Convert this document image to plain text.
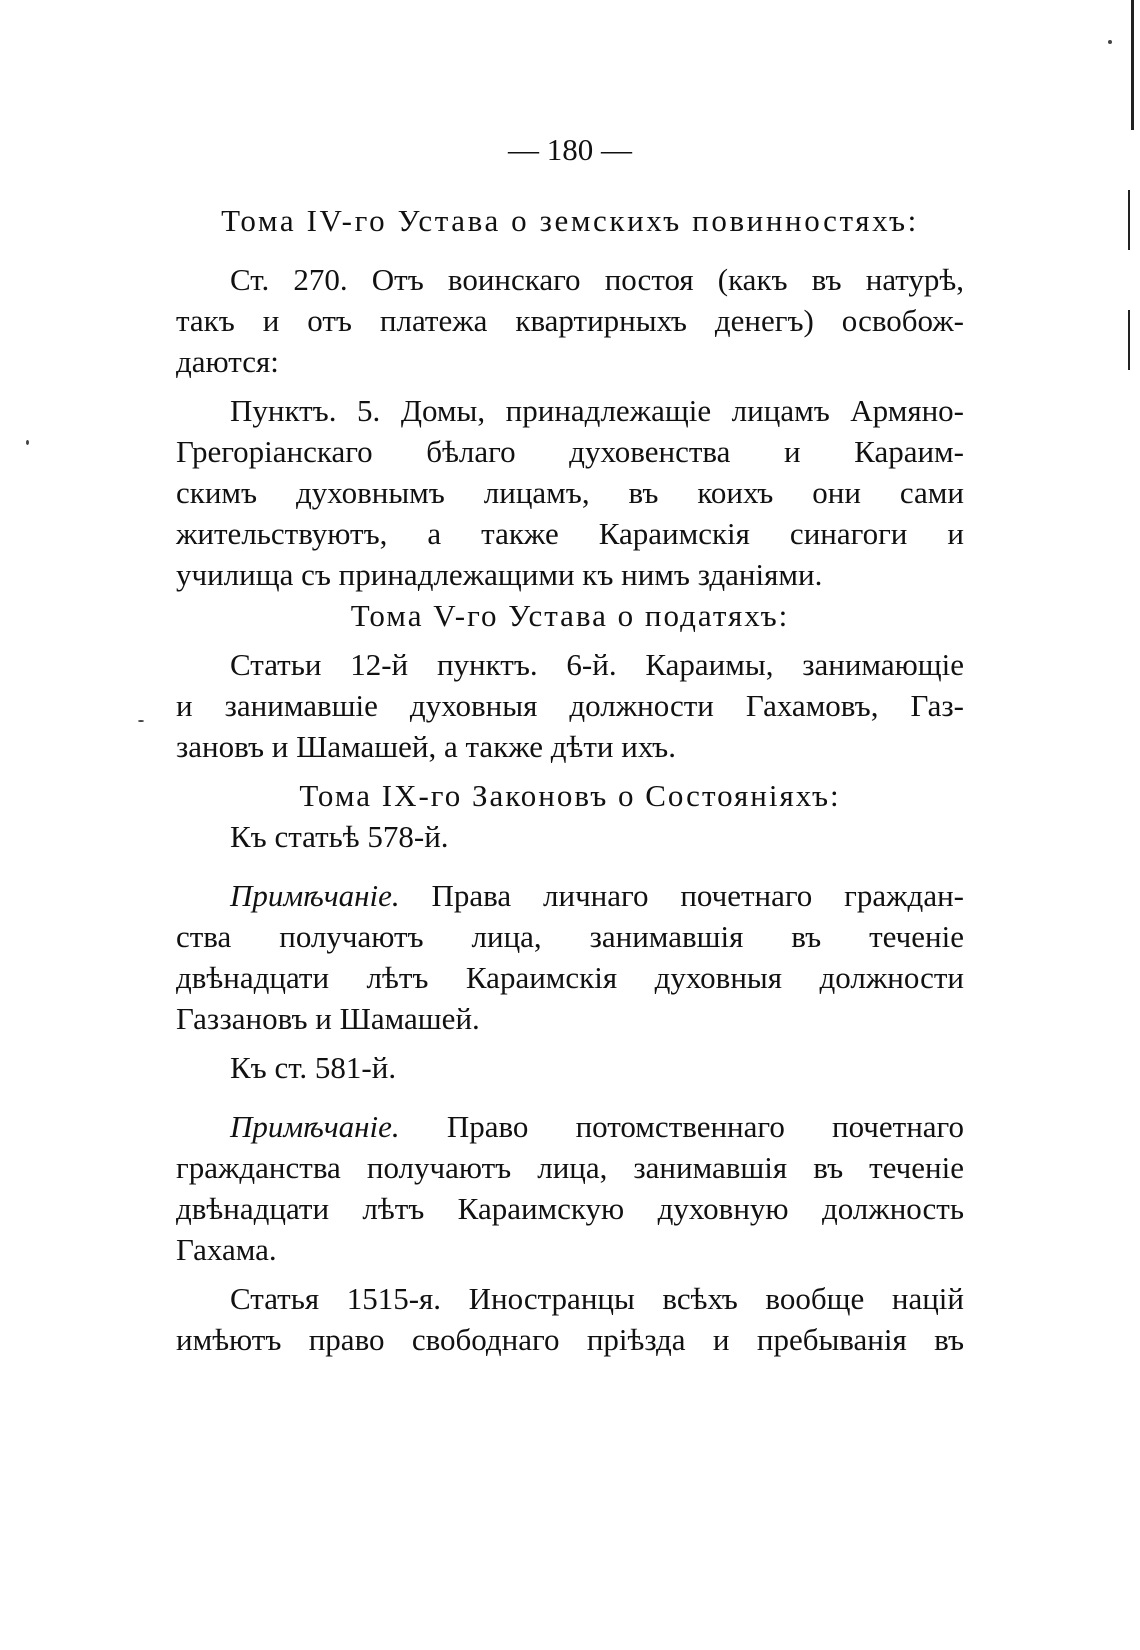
— 180 —
Тома IV-го Устава о земскихъ повинностяхъ:
Ст. 270. Отъ воинскаго постоя (какъ въ натурѣ,
такъ и отъ платежа квартирныхъ денегъ) освобож-
даются:
Пунктъ. 5. Домы, принадлежащіе лицамъ Армяно-
Грегоріанскаго бѣлаго духовенства и Караим-
скимъ духовнымъ лицамъ, въ коихъ они сами
жительствуютъ, а также Караимскія синагоги и
училища съ принадлежащими къ нимъ зданіями.
Тома V-го Устава о податяхъ:
Статьи 12-й пунктъ. 6-й. Караимы, занимающіе
и занимавшіе духовныя должности Гахамовъ, Газ-
зановъ и Шамашей, а также дѣти ихъ.
Тома IX-го Законовъ о Состояніяхъ:
Къ статьѣ 578-й.
Примѣчаніе. Права личнаго почетнаго граждан-
ства получаютъ лица, занимавшія въ теченіе
двѣнадцати лѣтъ Караимскія духовныя должности
Газзановъ и Шамашей.
Къ ст. 581-й.
Примѣчаніе. Право потомственнаго почетнаго
гражданства получаютъ лица, занимавшія въ теченіе
двѣнадцати лѣтъ Караимскую духовную должность
Гахама.
Статья 1515-я. Иностранцы всѣхъ вообще націй
имѣютъ право свободнаго пріѣзда и пребыванія въ
